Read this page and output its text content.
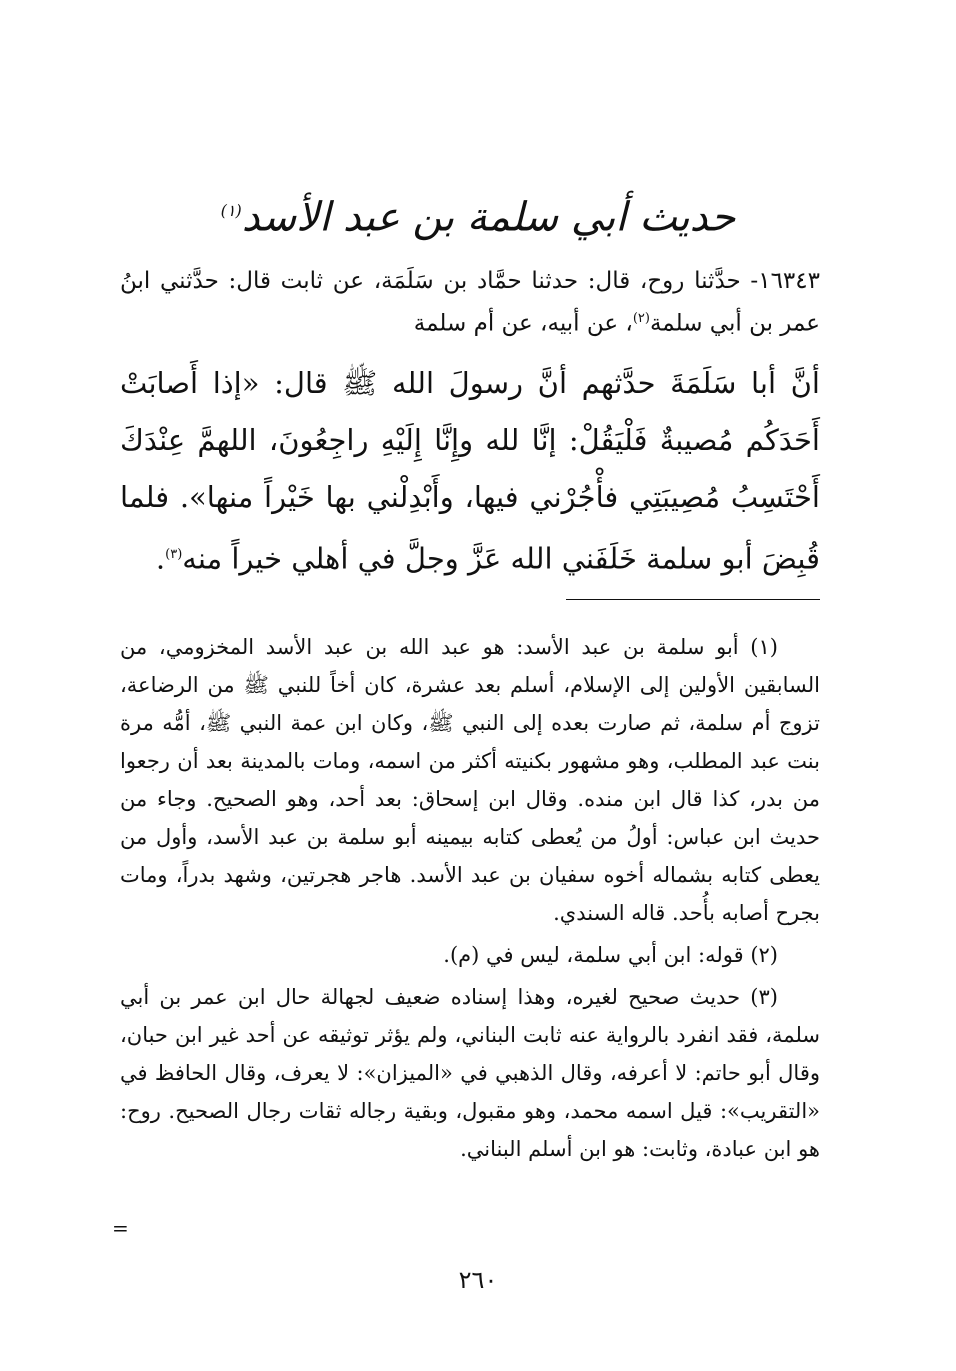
حديث أبي سلمة بن عبد الأسد$^{(١)}$
١٦٣٤٣- حدَّثنا روح، قال: حدثنا حمَّاد بن سَلَمَة، عن ثابت قال: حدَّثني ابنُ عمر بن أبي سلمة$^{(٢)}$، عن أبيه، عن أم سلمة
أنَّ أبا سَلَمَةَ حدَّثهم أنَّ رسولَ الله ﷺ قال: «إذا أَصابَتْ أَحَدَكُم مُصيبةٌ فَلْيَقُلْ: إنَّا لله وإِنَّا إِلَيْهِ راجِعُونَ، اللهمَّ عِنْدَكَ أَحْتَسِبُ مُصِيبَتِي فأْجُرْني فيها، وأَبْدِلْني بها خَيْراً منها». فلما قُبِضَ أبو سلمة خَلَفَني الله عَزَّ وجلَّ في أهلي خيراً منه$^{(٣)}$.

(١) أبو سلمة بن عبد الأسد: هو عبد الله بن عبد الأسد المخزومي، من السابقين الأولين إلى الإسلام، أسلم بعد عشرة، كان أخاً للنبي ﷺ من الرضاعة، تزوج أم سلمة، ثم صارت بعده إلى النبي ﷺ، وكان ابن عمة النبي ﷺ، أمُّه مرة بنت عبد المطلب، وهو مشهور بكنيته أكثر من اسمه، ومات بالمدينة بعد أن رجعوا من بدر، كذا قال ابن منده. وقال ابن إسحاق: بعد أحد، وهو الصحيح. وجاء من حديث ابن عباس: أولُ من يُعطى كتابه بيمينه أبو سلمة بن عبد الأسد، وأول من يعطى كتابه بشماله أخوه سفيان بن عبد الأسد. هاجر هجرتين، وشهد بدراً، ومات بجرح أصابه بأُحد. قاله السندي.

(٢) قوله: ابن أبي سلمة، ليس في (م).

(٣) حديث صحيح لغيره، وهذا إسناده ضعيف لجهالة حال ابن عمر بن أبي سلمة، فقد انفرد بالرواية عنه ثابت البناني، ولم يؤثر توثيقه عن أحد غير ابن حبان، وقال أبو حاتم: لا أعرفه، وقال الذهبي في «الميزان»: لا يعرف، وقال الحافظ في «التقريب»: قيل اسمه محمد، وهو مقبول، وبقية رجاله ثقات رجال الصحيح. روح: هو ابن عبادة، وثابت: هو ابن أسلم البناني.

=
٢٦٠
